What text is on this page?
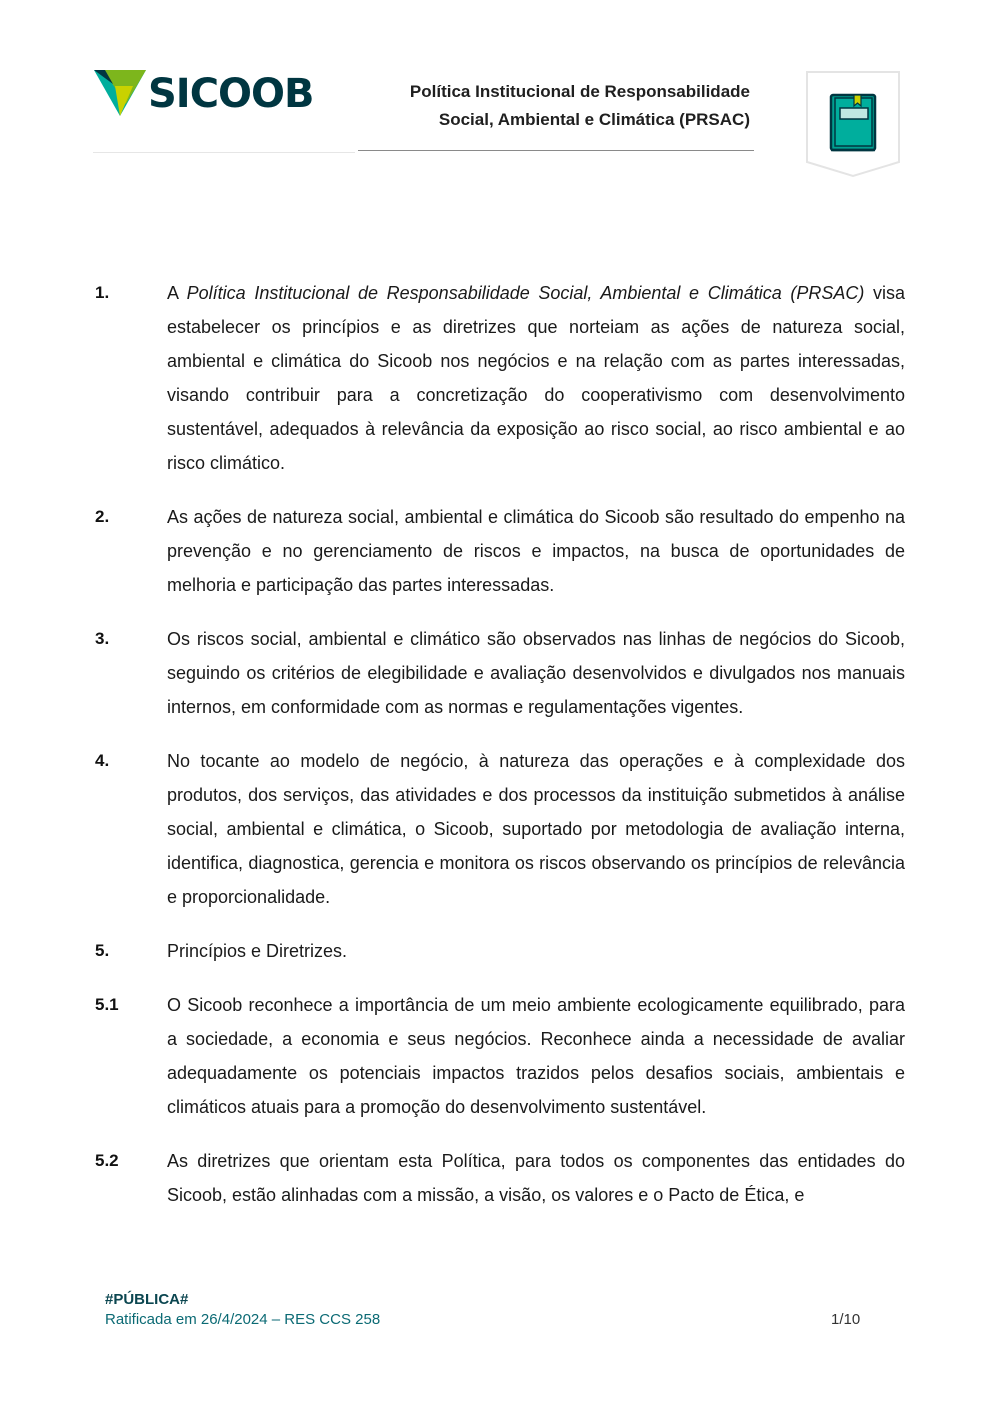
SICOOB	Política Institucional de Responsabilidade
Social, Ambiental e Climática (PRSAC)
1.	A Política Institucional de Responsabilidade Social, Ambiental e Climática (PRSAC) visa estabelecer os princípios e as diretrizes que norteiam as ações de natureza social, ambiental e climática do Sicoob nos negócios e na relação com as partes interessadas, visando contribuir para a concretização do cooperativismo com desenvolvimento sustentável, adequados à relevância da exposição ao risco social, ao risco ambiental e ao risco climático.
2.	As ações de natureza social, ambiental e climática do Sicoob são resultado do empenho na prevenção e no gerenciamento de riscos e impactos, na busca de oportunidades de melhoria e participação das partes interessadas.
3.	Os riscos social, ambiental e climático são observados nas linhas de negócios do Sicoob, seguindo os critérios de elegibilidade e avaliação desenvolvidos e divulgados nos manuais internos, em conformidade com as normas e regulamentações vigentes.
4.	No tocante ao modelo de negócio, à natureza das operações e à complexidade dos produtos, dos serviços, das atividades e dos processos da instituição submetidos à análise social, ambiental e climática, o Sicoob, suportado por metodologia de avaliação interna, identifica, diagnostica, gerencia e monitora os riscos observando os princípios de relevância e proporcionalidade.
5.	Princípios e Diretrizes.
5.1	O Sicoob reconhece a importância de um meio ambiente ecologicamente equilibrado, para a sociedade, a economia e seus negócios. Reconhece ainda a necessidade de avaliar adequadamente os potenciais impactos trazidos pelos desafios sociais, ambientais e climáticos atuais para a promoção do desenvolvimento sustentável.
5.2	As diretrizes que orientam esta Política, para todos os componentes das entidades do Sicoob, estão alinhadas com a missão, a visão, os valores e o Pacto de Ética, e
#PÚBLICA#
Ratificada em 26/4/2024 – RES CCS 258	1/10
